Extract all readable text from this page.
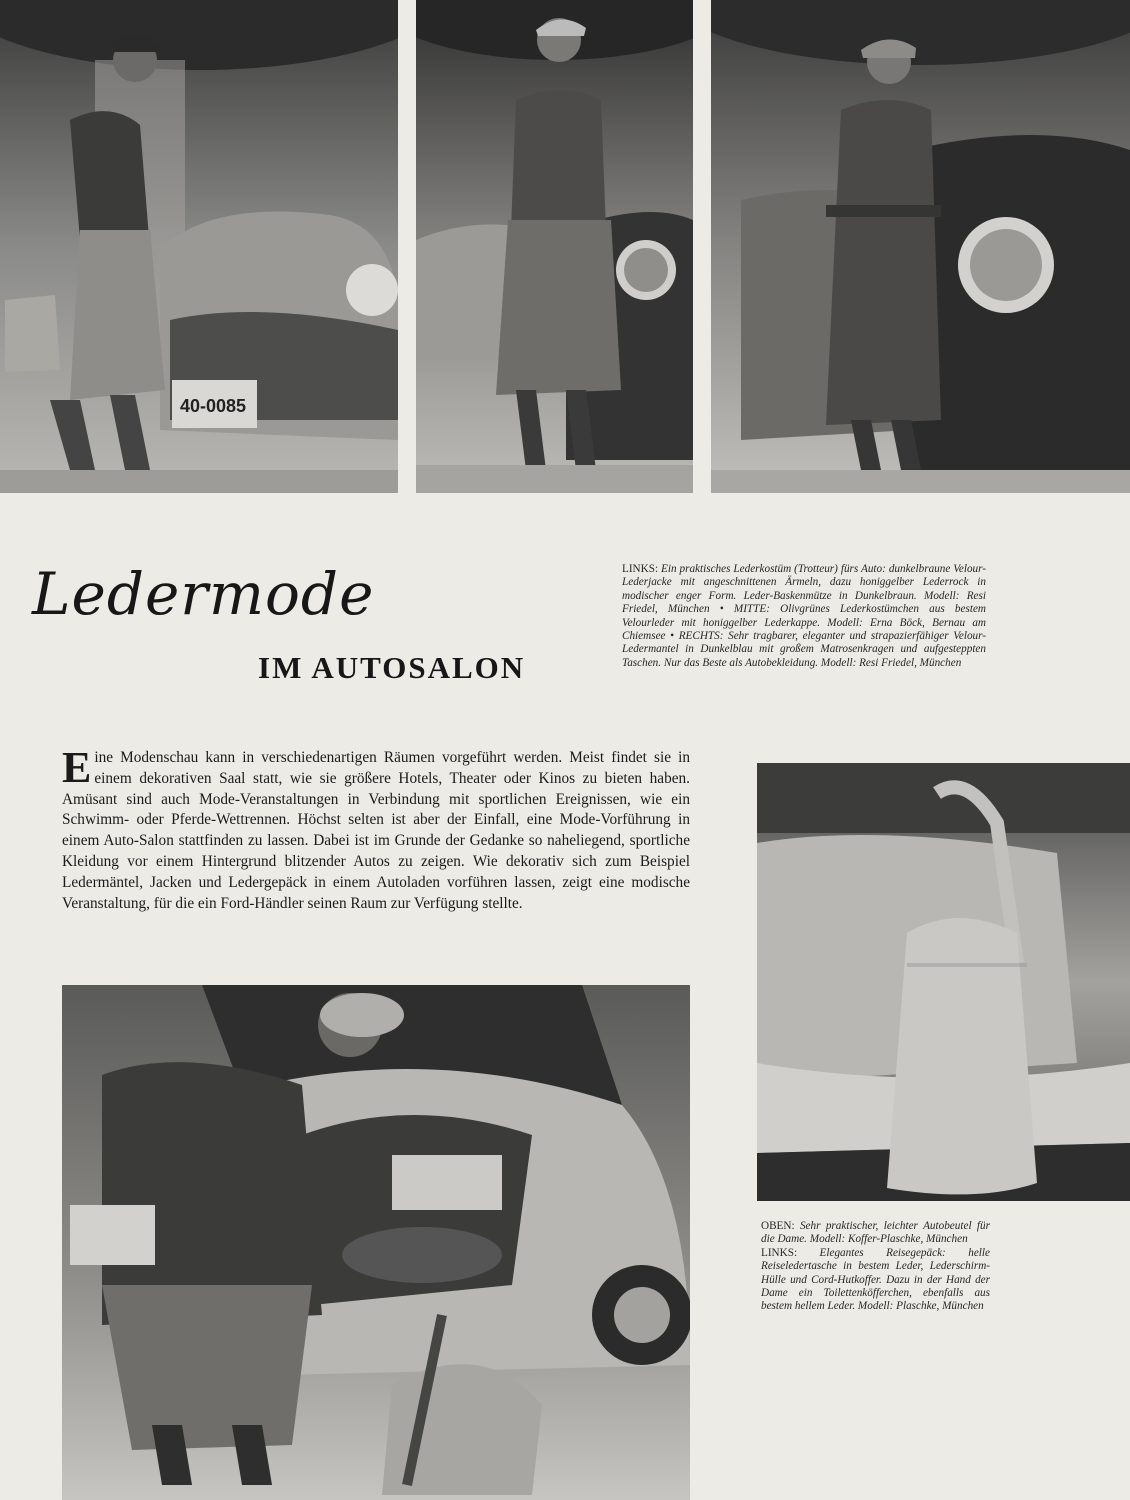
40-0085
Ledermode
IM AUTOSALON
LINKS: Ein praktisches Lederkostüm (Trotteur) fürs Auto: dunkelbraune Velour-Lederjacke mit angeschnittenen Ärmeln, dazu honiggelber Lederrock in modischer enger Form. Leder-Baskenmütze in Dunkelbraun. Modell: Resi Friedel, München • MITTE: Olivgrünes Lederkostümchen aus bestem Velourleder mit honiggelber Lederkappe. Modell: Erna Böck, Bernau am Chiemsee • RECHTS: Sehr tragbarer, eleganter und strapazierfähiger Velour-Ledermantel in Dunkelblau mit großem Matrosenkragen und aufgesteppten Taschen. Nur das Beste als Autobekleidung. Modell: Resi Friedel, München
Eine Modenschau kann in verschiedenartigen Räumen vorgeführt werden. Meist findet sie in einem dekorativen Saal statt, wie sie größere Hotels, Theater oder Kinos zu bieten haben. Amüsant sind auch Mode-Veranstaltungen in Verbindung mit sportlichen Ereignissen, wie ein Schwimm- oder Pferde-Wettrennen. Höchst selten ist aber der Einfall, eine Mode-Vorführung in einem Auto-Salon stattfinden zu lassen. Dabei ist im Grunde der Gedanke so naheliegend, sportliche Kleidung vor einem Hintergrund blitzender Autos zu zeigen. Wie dekorativ sich zum Beispiel Ledermäntel, Jacken und Ledergepäck in einem Autoladen vorführen lassen, zeigt eine modische Veranstaltung, für die ein Ford-Händler seinen Raum zur Verfügung stellte.
OBEN: Sehr praktischer, leichter Autobeutel für die Dame. Modell: Koffer-Plaschke, München
LINKS: Elegantes Reisegepäck: helle Reiseledertasche in bestem Leder, Lederschirm-Hülle und Cord-Hutkoffer. Dazu in der Hand der Dame ein Toilettenköfferchen, ebenfalls aus bestem hellem Leder. Modell: Plaschke, München
